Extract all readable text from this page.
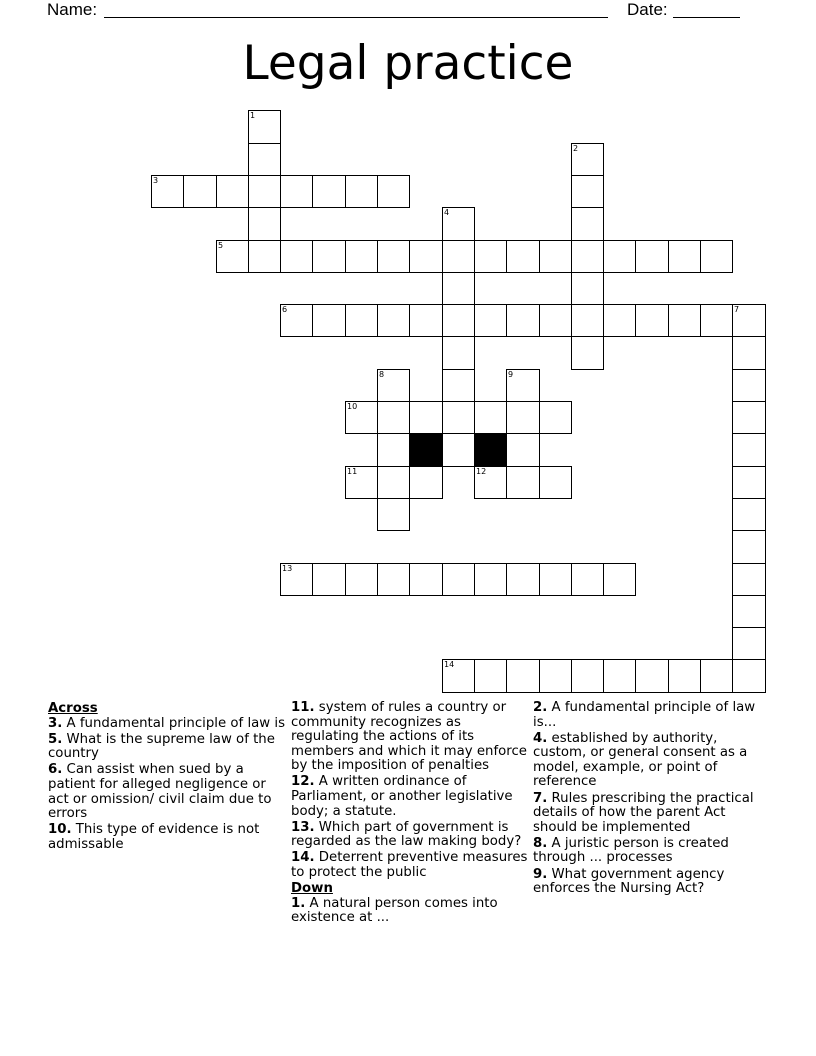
Name:	Date:
Legal practice
1
3
5
6	7
2
4
8
10
9
11	12
13
14
Across
3. A fundamental principle of law is
5. What is the supreme law of the country
6. Can assist when sued by a patient for alleged negligence or act or omission/ civil claim due to errors
10. This type of evidence is not admissable
11. system of rules a country or community recognizes as regulating the actions of its members and which it may enforce by the imposition of penalties
12. A written ordinance of Parliament, or another legislative body; a statute.
13. Which part of government is regarded as the law making body?
14. Deterrent preventive measures to protect the public
Down
1. A natural person comes into existence at ...
2. A fundamental principle of law is...
4. established by authority, custom, or general consent as a model, example, or point of reference
7. Rules prescribing the practical details of how the parent Act should be implemented
8. A juristic person is created through ... processes
9. What government agency enforces the Nursing Act?
